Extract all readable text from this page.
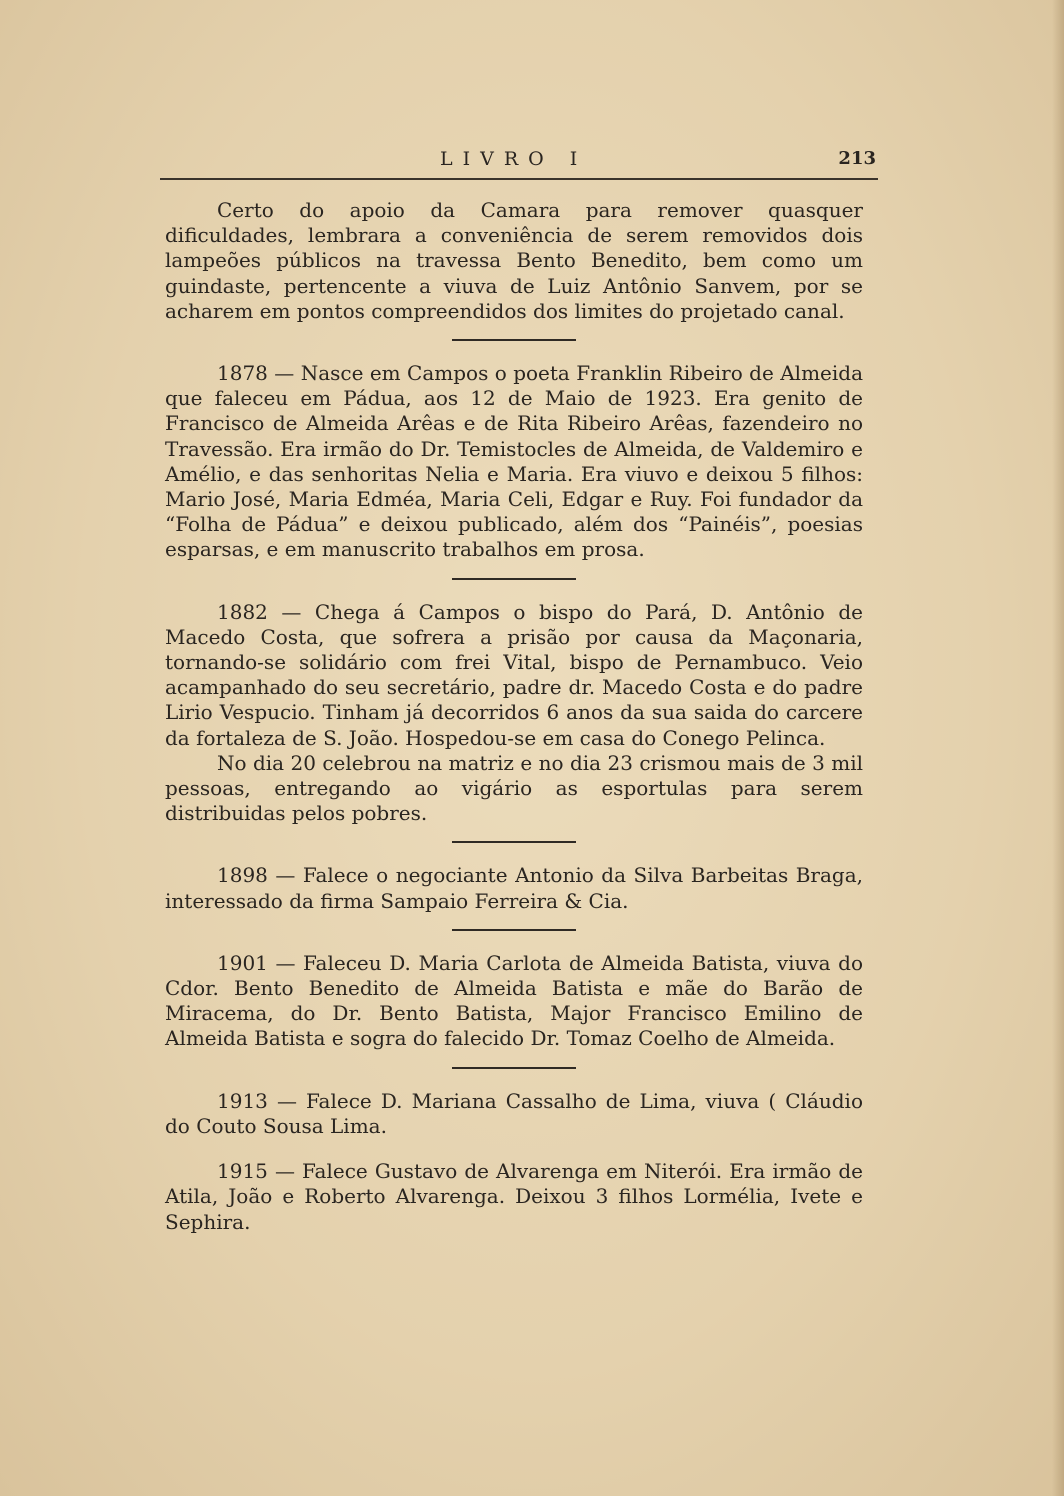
LIVRO I	213

Certo do apoio da Camara para remover quasquer dificuldades, lembrara a conveniência de serem removidos dois lampeões públicos na travessa Bento Benedito, bem como um guindaste, pertencente a viuva de Luiz Antônio Sanvem, por se acharem em pontos compreendidos dos limites do projetado canal.

1878 — Nasce em Campos o poeta Franklin Ribeiro de Almeida que faleceu em Pádua, aos 12 de Maio de 1923. Era genito de Francisco de Almeida Arêas e de Rita Ribeiro Arêas, fazendeiro no Travessão. Era irmão do Dr. Temistocles de Almeida, de Valdemiro e Amélio, e das senhoritas Nelia e Maria. Era viuvo e deixou 5 filhos: Mario José, Maria Edméa, Maria Celi, Edgar e Ruy. Foi fundador da “Folha de Pádua” e deixou publicado, além dos “Painéis”, poesias esparsas, e em manuscrito trabalhos em prosa.

1882 — Chega á Campos o bispo do Pará, D. Antônio de Macedo Costa, que sofrera a prisão por causa da Maçonaria, tornando-se solidário com frei Vital, bispo de Pernambuco. Veio acampanhado do seu secretário, padre dr. Macedo Costa e do padre Lirio Vespucio. Tinham já decorridos 6 anos da sua saida do carcere da fortaleza de S. João. Hospedou-se em casa do Conego Pelinca.

No dia 20 celebrou na matriz e no dia 23 crismou mais de 3 mil pessoas, entregando ao vigário as esportulas para serem distribuidas pelos pobres.

1898 — Falece o negociante Antonio da Silva Barbeitas Braga, interessado da firma Sampaio Ferreira & Cia.

1901 — Faleceu D. Maria Carlota de Almeida Batista, viuva do Cdor. Bento Benedito de Almeida Batista e mãe do Barão de Miracema, do Dr. Bento Batista, Major Francisco Emilino de Almeida Batista e sogra do falecido Dr. Tomaz Coelho de Almeida.

1913 — Falece D. Mariana Cassalho de Lima, viuva ( Cláudio do Couto Sousa Lima.

1915 — Falece Gustavo de Alvarenga em Niterói. Era irmão de Atila, João e Roberto Alvarenga. Deixou 3 filhos Lormélia, Ivete e Sephira.
